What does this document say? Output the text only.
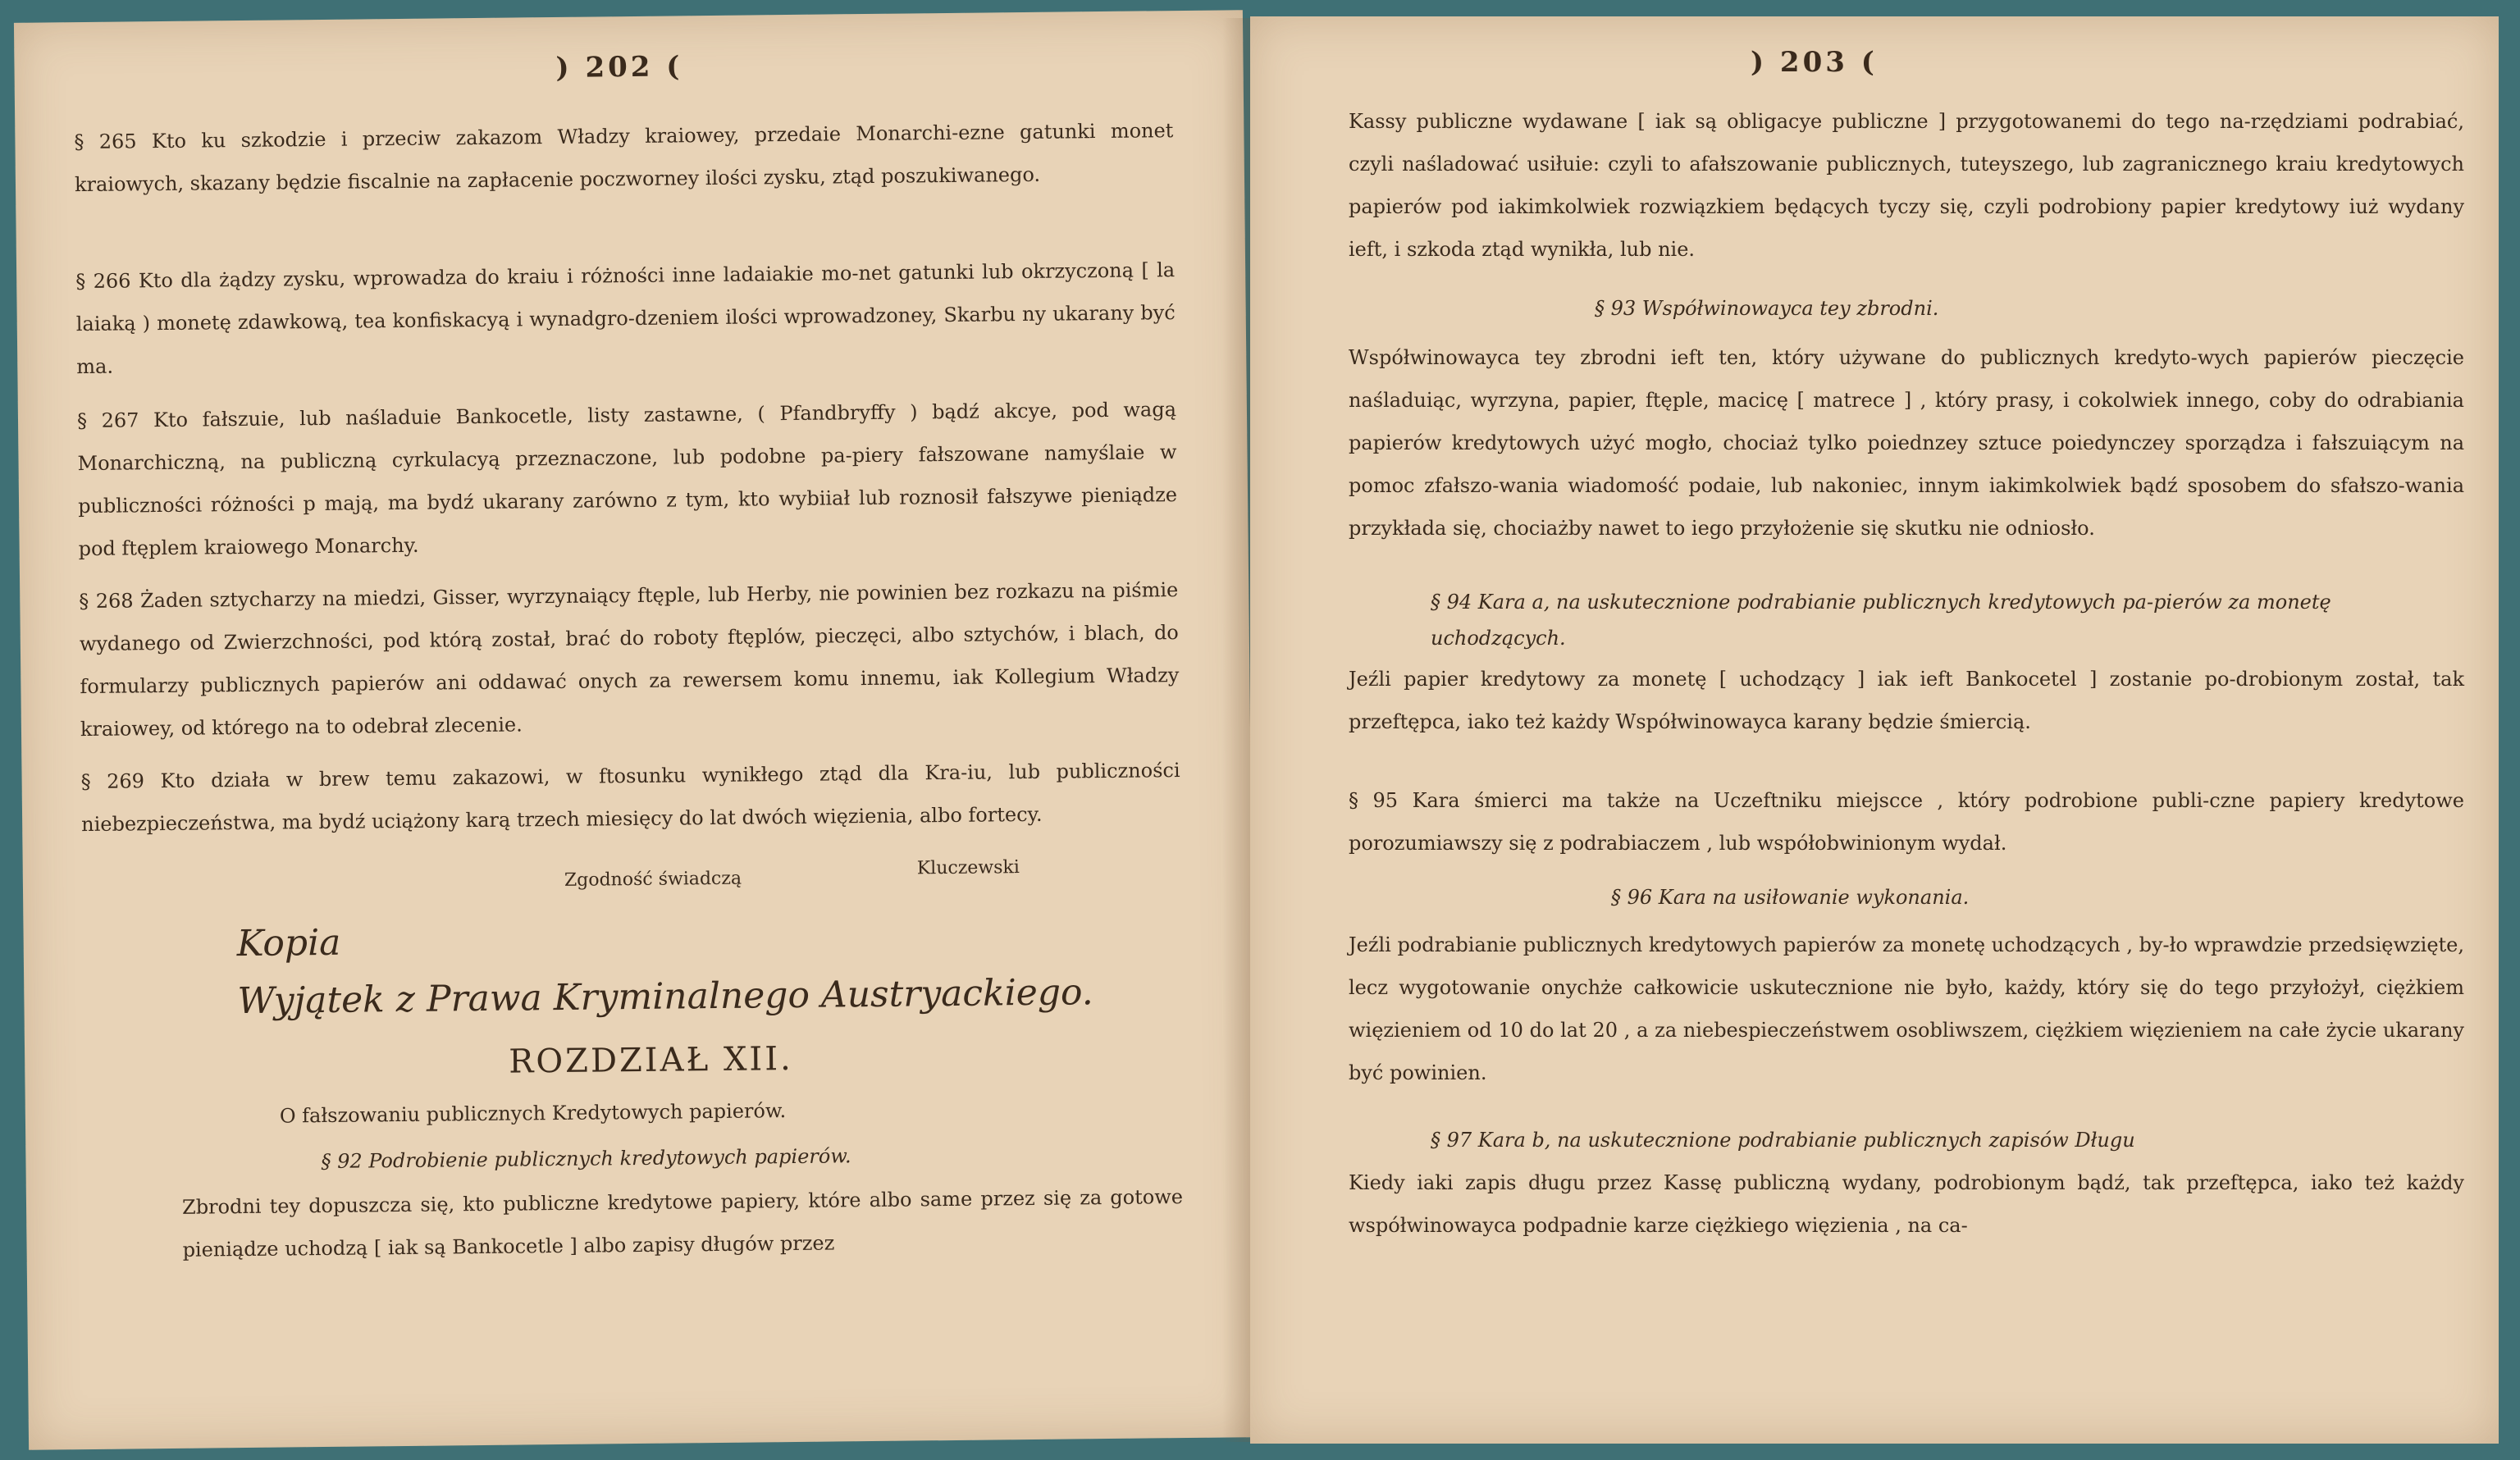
) 202 (
§ 265 Kto ku szkodzie i przeciw zakazom Władzy kraiowey, przedaie Monarchi-ezne gatunki monet kraiowych, skazany będzie fiscalnie na zapłacenie poczworney ilości zysku, ztąd poszukiwanego.
§ 266 Kto dla żądzy zysku, wprowadza do kraiu i różności inne ladaiakie mo-net gatunki lub okrzyczoną [ la laiaką ) monetę zdawkową, tea konfiskacyą i wynadgro-dzeniem ilości wprowadzoney, Skarbu ny ukarany być ma.
§ 267 Kto fałszuie, lub naśladuie Bankocetle, listy zastawne, ( Pfandbryffy ) bądź akcye, pod wagą Monarchiczną, na publiczną cyrkulacyą przeznaczone, lub podobne pa-piery fałszowane namyślaie w publiczności różności p mają, ma bydź ukarany zarówno z tym, kto wybiiał lub roznosił fałszywe pieniądze pod ftęplem kraiowego Monarchy.
§ 268 Żaden sztycharzy na miedzi, Gisser, wyrzynaiący ftęple, lub Herby, nie powinien bez rozkazu na piśmie wydanego od Zwierzchności, pod którą został, brać do roboty ftęplów, pieczęci, albo sztychów, i blach, do formularzy publicznych papierów ani oddawać onych za rewersem komu innemu, iak Kollegium Władzy kraiowey, od którego na to odebrał zlecenie.
§ 269 Kto działa w brew temu zakazowi, w ftosunku wynikłego ztąd dla Kra-iu, lub publiczności niebezpieczeństwa, ma bydź uciążony karą trzech miesięcy do lat dwóch więzienia, albo fortecy.
Zgodność świadczą
Kluczewski
Kopia
Wyjątek z Prawa Kryminalnego Austryackiego.
ROZDZIAŁ XII.
O fałszowaniu publicznych Kredytowych papierów.
§ 92 Podrobienie publicznych kredytowych papierów.
Zbrodni tey dopuszcza się, kto publiczne kredytowe papiery, które albo same przez się za gotowe pieniądze uchodzą [ iak są Bankocetle ] albo zapisy długów przez
) 203 (
Kassy publiczne wydawane [ iak są obligacye publiczne ] przygotowanemi do tego na-rzędziami podrabiać, czyli naśladować usiłuie: czyli to afałszowanie publicznych, tuteyszego, lub zagranicznego kraiu kredytowych papierów pod iakimkolwiek rozwiązkiem będących tyczy się, czyli podrobiony papier kredytowy iuż wydany ieft, i szkoda ztąd wynikła, lub nie.
§ 93 Współwinowayca tey zbrodni.
Współwinowayca tey zbrodni ieft ten, który używane do publicznych kredyto-wych papierów pieczęcie naśladuiąc, wyrzyna, papier, ftęple, macicę [ matrece ] , który prasy, i cokolwiek innego, coby do odrabiania papierów kredytowych użyć mogło, chociaż tylko poiednzey sztuce poiedynczey sporządza i fałszuiącym na pomoc zfałszo-wania wiadomość podaie, lub nakoniec, innym iakimkolwiek bądź sposobem do sfałszo-wania przykłada się, chociażby nawet to iego przyłożenie się skutku nie odniosło.
§ 94 Kara a, na uskutecznione podrabianie publicznych kredytowych pa-pierów za monetę uchodzących.
Jeźli papier kredytowy za monetę [ uchodzący ] iak ieft Bankocetel ] zostanie po-drobionym został, tak przeftępca, iako też każdy Współwinowayca karany będzie śmiercią.
§ 95 Kara śmierci ma także na Uczeftniku miejscce , który podrobione publi-czne papiery kredytowe porozumiawszy się z podrabiaczem , lub współobwinionym wydał.
§ 96 Kara na usiłowanie wykonania.
Jeźli podrabianie publicznych kredytowych papierów za monetę uchodzących , by-ło wprawdzie przedsięwzięte, lecz wygotowanie onychże całkowicie uskutecznione nie było, każdy, który się do tego przyłożył, ciężkiem więzieniem od 10 do lat 20 , a za niebespieczeństwem osobliwszem, ciężkiem więzieniem na całe życie ukarany być powinien.
§ 97 Kara b, na uskutecznione podrabianie publicznych zapisów Długu
Kiedy iaki zapis długu przez Kassę publiczną wydany, podrobionym bądź, tak przeftępca, iako też każdy współwinowayca podpadnie karze ciężkiego więzienia , na ca-
